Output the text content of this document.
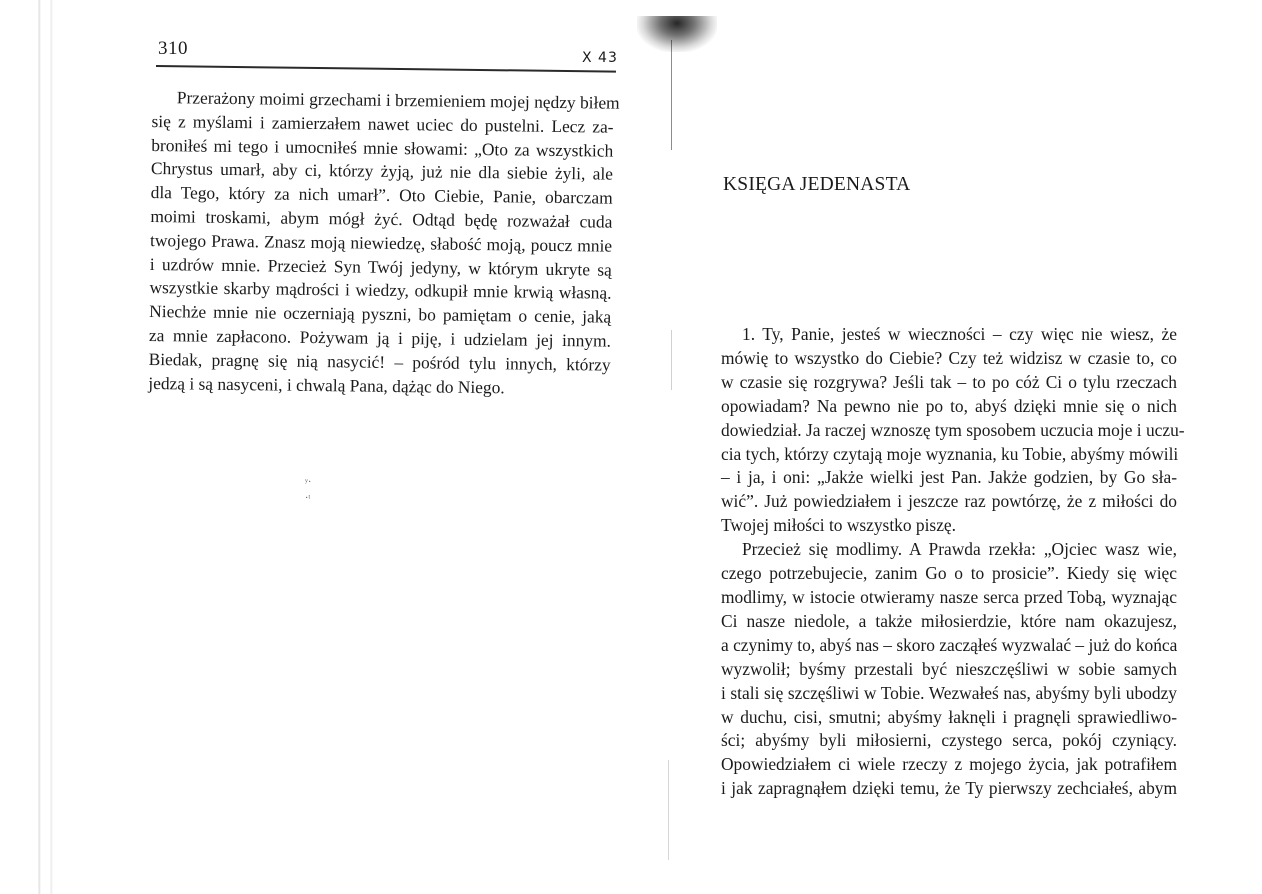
310	X 43
Przerażony moimi grzechami i brzemieniem mojej nędzy biłem
się z myślami i zamierzałem nawet uciec do pustelni. Lecz za-
broniłeś mi tego i umocniłeś mnie słowami: „Oto za wszystkich
Chrystus umarł, aby ci, którzy żyją, już nie dla siebie żyli, ale
dla Tego, który za nich umarł”. Oto Ciebie, Panie, obarczam
moimi troskami, abym mógł żyć. Odtąd będę rozważał cuda
twojego Prawa. Znasz moją niewiedzę, słabość moją, poucz mnie
i uzdrów mnie. Przecież Syn Twój jedyny, w którym ukryte są
wszystkie skarby mądrości i wiedzy, odkupił mnie krwią własną.
Niechże mnie nie oczerniają pyszni, bo pamiętam o cenie, jaką
za mnie zapłacono. Pożywam ją i piję, i udzielam jej innym.
Biedak, pragnę się nią nasycić! – pośród tylu innych, którzy
jedzą i są nasyceni, i chwalą Pana, dążąc do Niego.
ʸ·
·ᵗ
KSIĘGA JEDENASTA
1. Ty, Panie, jesteś w wieczności – czy więc nie wiesz, że
mówię to wszystko do Ciebie? Czy też widzisz w czasie to, co
w czasie się rozgrywa? Jeśli tak – to po cóż Ci o tylu rzeczach
opowiadam? Na pewno nie po to, abyś dzięki mnie się o nich
dowiedział. Ja raczej wznoszę tym sposobem uczucia moje i uczu-
cia tych, którzy czytają moje wyznania, ku Tobie, abyśmy mówili
– i ja, i oni: „Jakże wielki jest Pan. Jakże godzien, by Go sła-
wić”. Już powiedziałem i jeszcze raz powtórzę, że z miłości do
Twojej miłości to wszystko piszę.
Przecież się modlimy. A Prawda rzekła: „Ojciec wasz wie,
czego potrzebujecie, zanim Go o to prosicie”. Kiedy się więc
modlimy, w istocie otwieramy nasze serca przed Tobą, wyznając
Ci nasze niedole, a także miłosierdzie, które nam okazujesz,
a czynimy to, abyś nas – skoro zacząłeś wyzwalać – już do końca
wyzwolił; byśmy przestali być nieszczęśliwi w sobie samych
i stali się szczęśliwi w Tobie. Wezwałeś nas, abyśmy byli ubodzy
w duchu, cisi, smutni; abyśmy łaknęli i pragnęli sprawiedliwo-
ści; abyśmy byli miłosierni, czystego serca, pokój czyniący.
Opowiedziałem ci wiele rzeczy z mojego życia, jak potrafiłem
i jak zapragnąłem dzięki temu, że Ty pierwszy zechciałeś, abym
